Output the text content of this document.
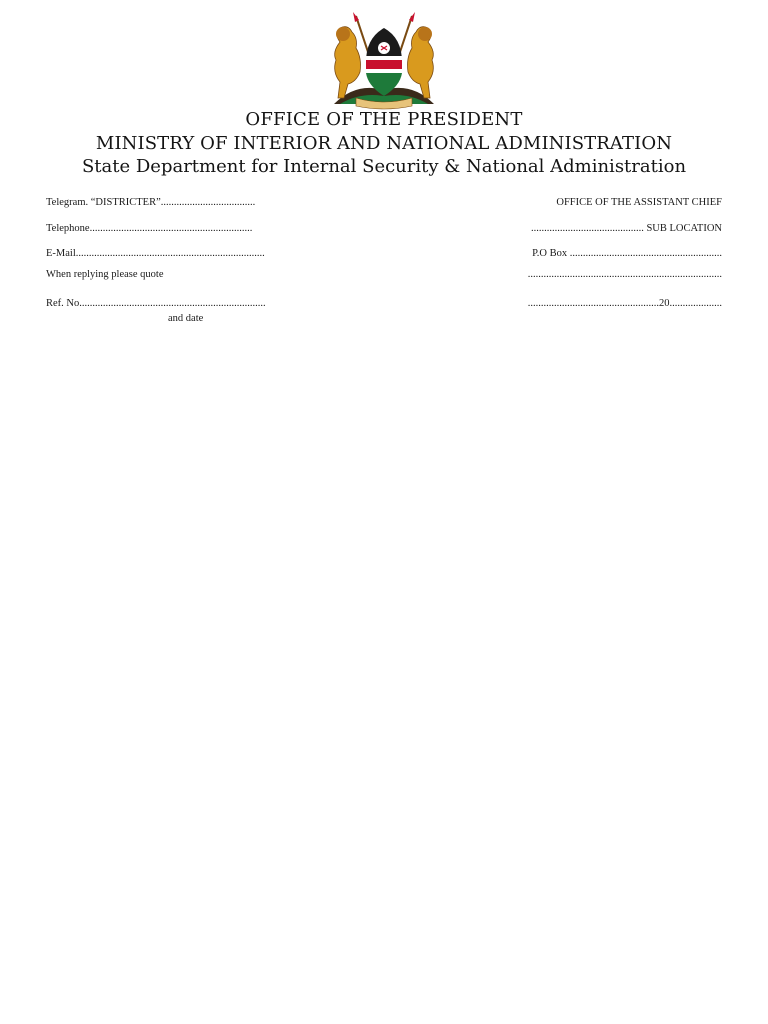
OFFICE OF THE PRESIDENT
MINISTRY OF INTERIOR AND NATIONAL ADMINISTRATION
State Department for Internal Security & National Administration
Telegram. “DISTRICTER”....................................
Telephone..............................................................
E-Mail........................................................................
When replying please quote
Ref. No.......................................................................
and date
OFFICE OF THE ASSISTANT CHIEF
........................................... SUB LOCATION
P.O Box ..........................................................
..........................................................................
..................................................20....................
